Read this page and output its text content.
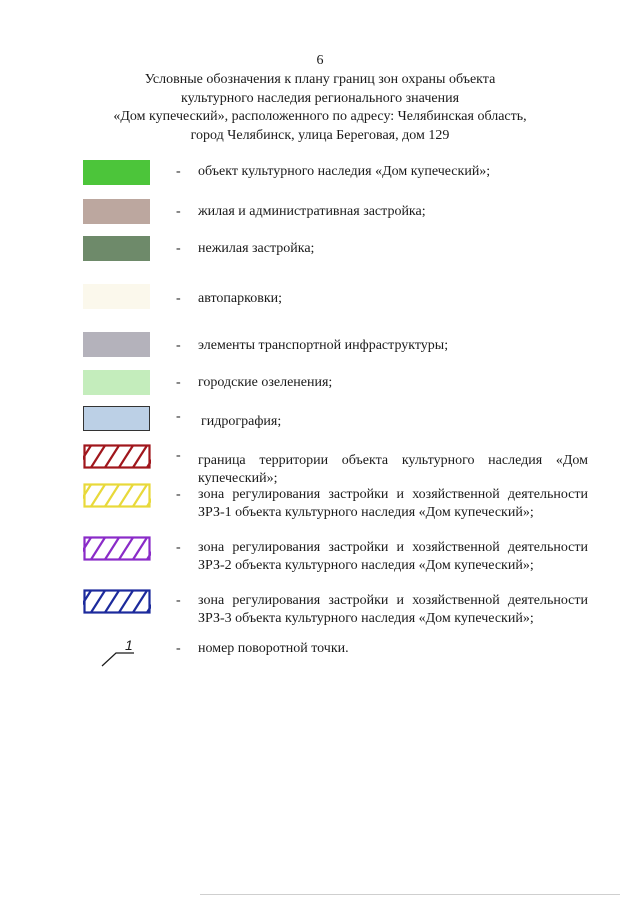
6
Условные обозначения к плану границ зон охраны объекта
культурного наследия регионального значения
«Дом купеческий», расположенного по адресу: Челябинская область,
город Челябинск, улица Береговая, дом 129
-	объект культурного наследия «Дом купеческий»;
-	жилая и административная застройка;
-	нежилая застройка;
-	автопарковки;
-	элементы транспортной инфраструктуры;
-	городские озеленения;
-	гидрография;
-	граница территории объекта культурного наследия «Дом купеческий»;
-	зона регулирования застройки и хозяйственной деятельности ЗРЗ-1 объекта культурного наследия «Дом купеческий»;
-	зона регулирования застройки и хозяйственной деятельности ЗРЗ-2 объекта культурного наследия «Дом купеческий»;
-	зона регулирования застройки и хозяйственной деятельности ЗРЗ-3 объекта культурного наследия «Дом купеческий»;
1	-	номер поворотной точки.
